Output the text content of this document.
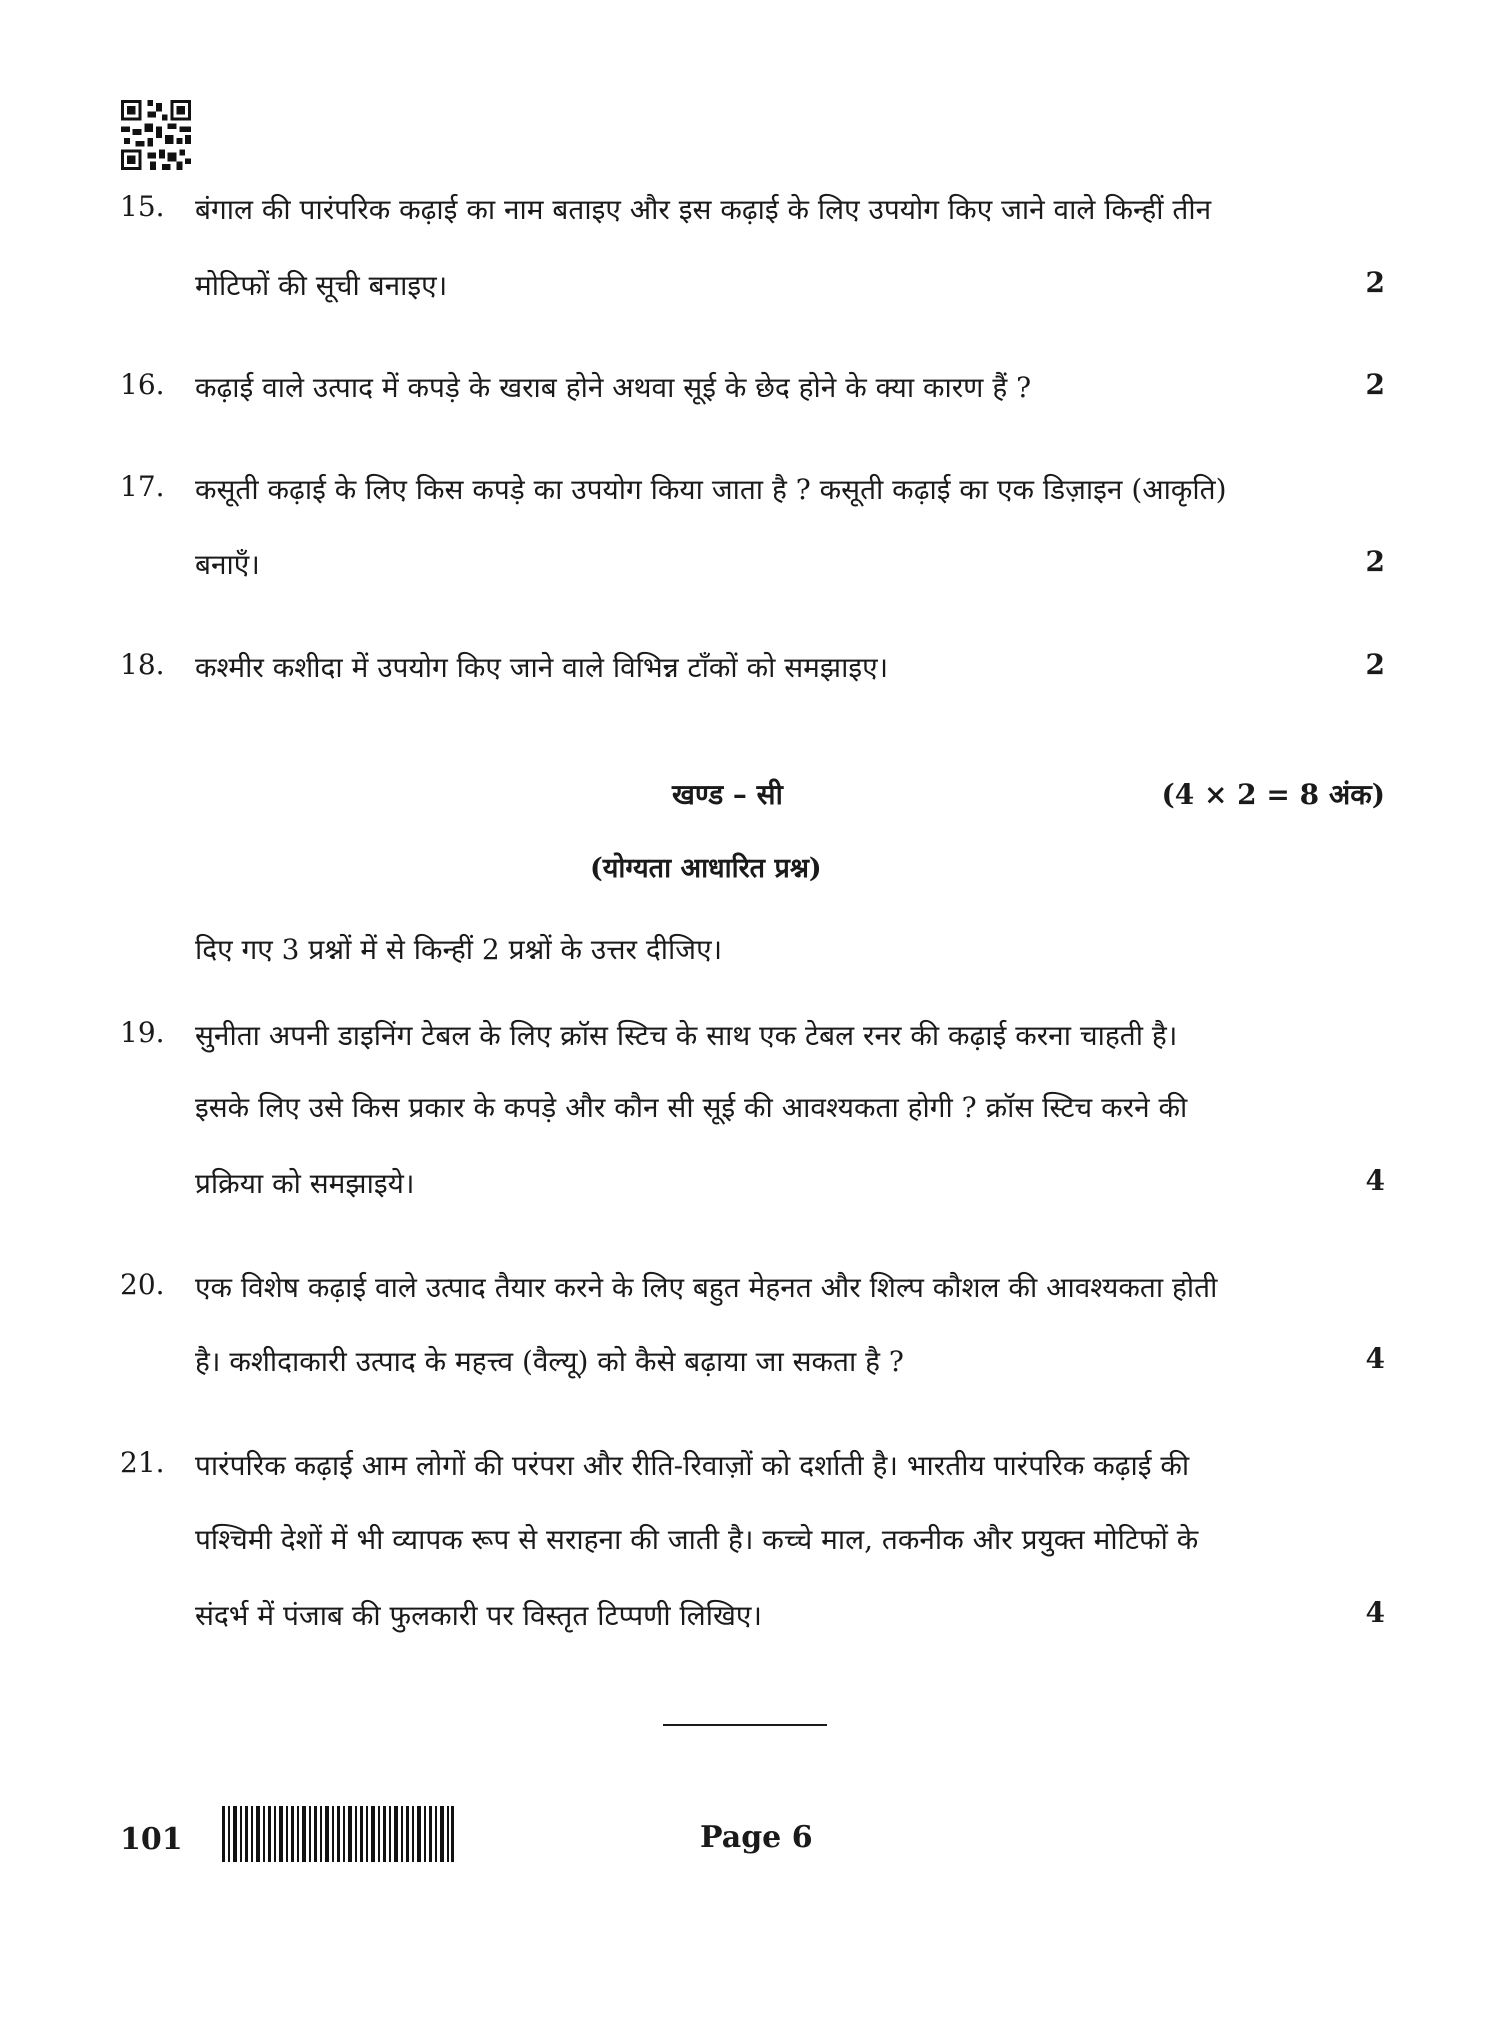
15. बंगाल की पारंपरिक कढ़ाई का नाम बताइए और इस कढ़ाई के लिए उपयोग किए जाने वाले किन्हीं तीन
मोटिफों की सूची बनाइए।	2
16. कढ़ाई वाले उत्पाद में कपड़े के खराब होने अथवा सूई के छेद होने के क्या कारण हैं ?	2
17. कसूती कढ़ाई के लिए किस कपड़े का उपयोग किया जाता है ? कसूती कढ़ाई का एक डिज़ाइन (आकृति)
बनाएँ।	2
18. कश्मीर कशीदा में उपयोग किए जाने वाले विभिन्न टाँकों को समझाइए।	2
खण्ड – सी	(4 × 2 = 8 अंक)
(योग्यता आधारित प्रश्न)
दिए गए 3 प्रश्नों में से किन्हीं 2 प्रश्नों के उत्तर दीजिए।
19. सुनीता अपनी डाइनिंग टेबल के लिए क्रॉस स्टिच के साथ एक टेबल रनर की कढ़ाई करना चाहती है।
इसके लिए उसे किस प्रकार के कपड़े और कौन सी सूई की आवश्यकता होगी ? क्रॉस स्टिच करने की
प्रक्रिया को समझाइये।	4
20. एक विशेष कढ़ाई वाले उत्पाद तैयार करने के लिए बहुत मेहनत और शिल्प कौशल की आवश्यकता होती
है। कशीदाकारी उत्पाद के महत्त्व (वैल्यू) को कैसे बढ़ाया जा सकता है ?	4
21. पारंपरिक कढ़ाई आम लोगों की परंपरा और रीति-रिवाज़ों को दर्शाती है। भारतीय पारंपरिक कढ़ाई की
पश्चिमी देशों में भी व्यापक रूप से सराहना की जाती है। कच्चे माल, तकनीक और प्रयुक्त मोटिफों के
संदर्भ में पंजाब की फुलकारी पर विस्तृत टिप्पणी लिखिए।	4
101	Page 6
